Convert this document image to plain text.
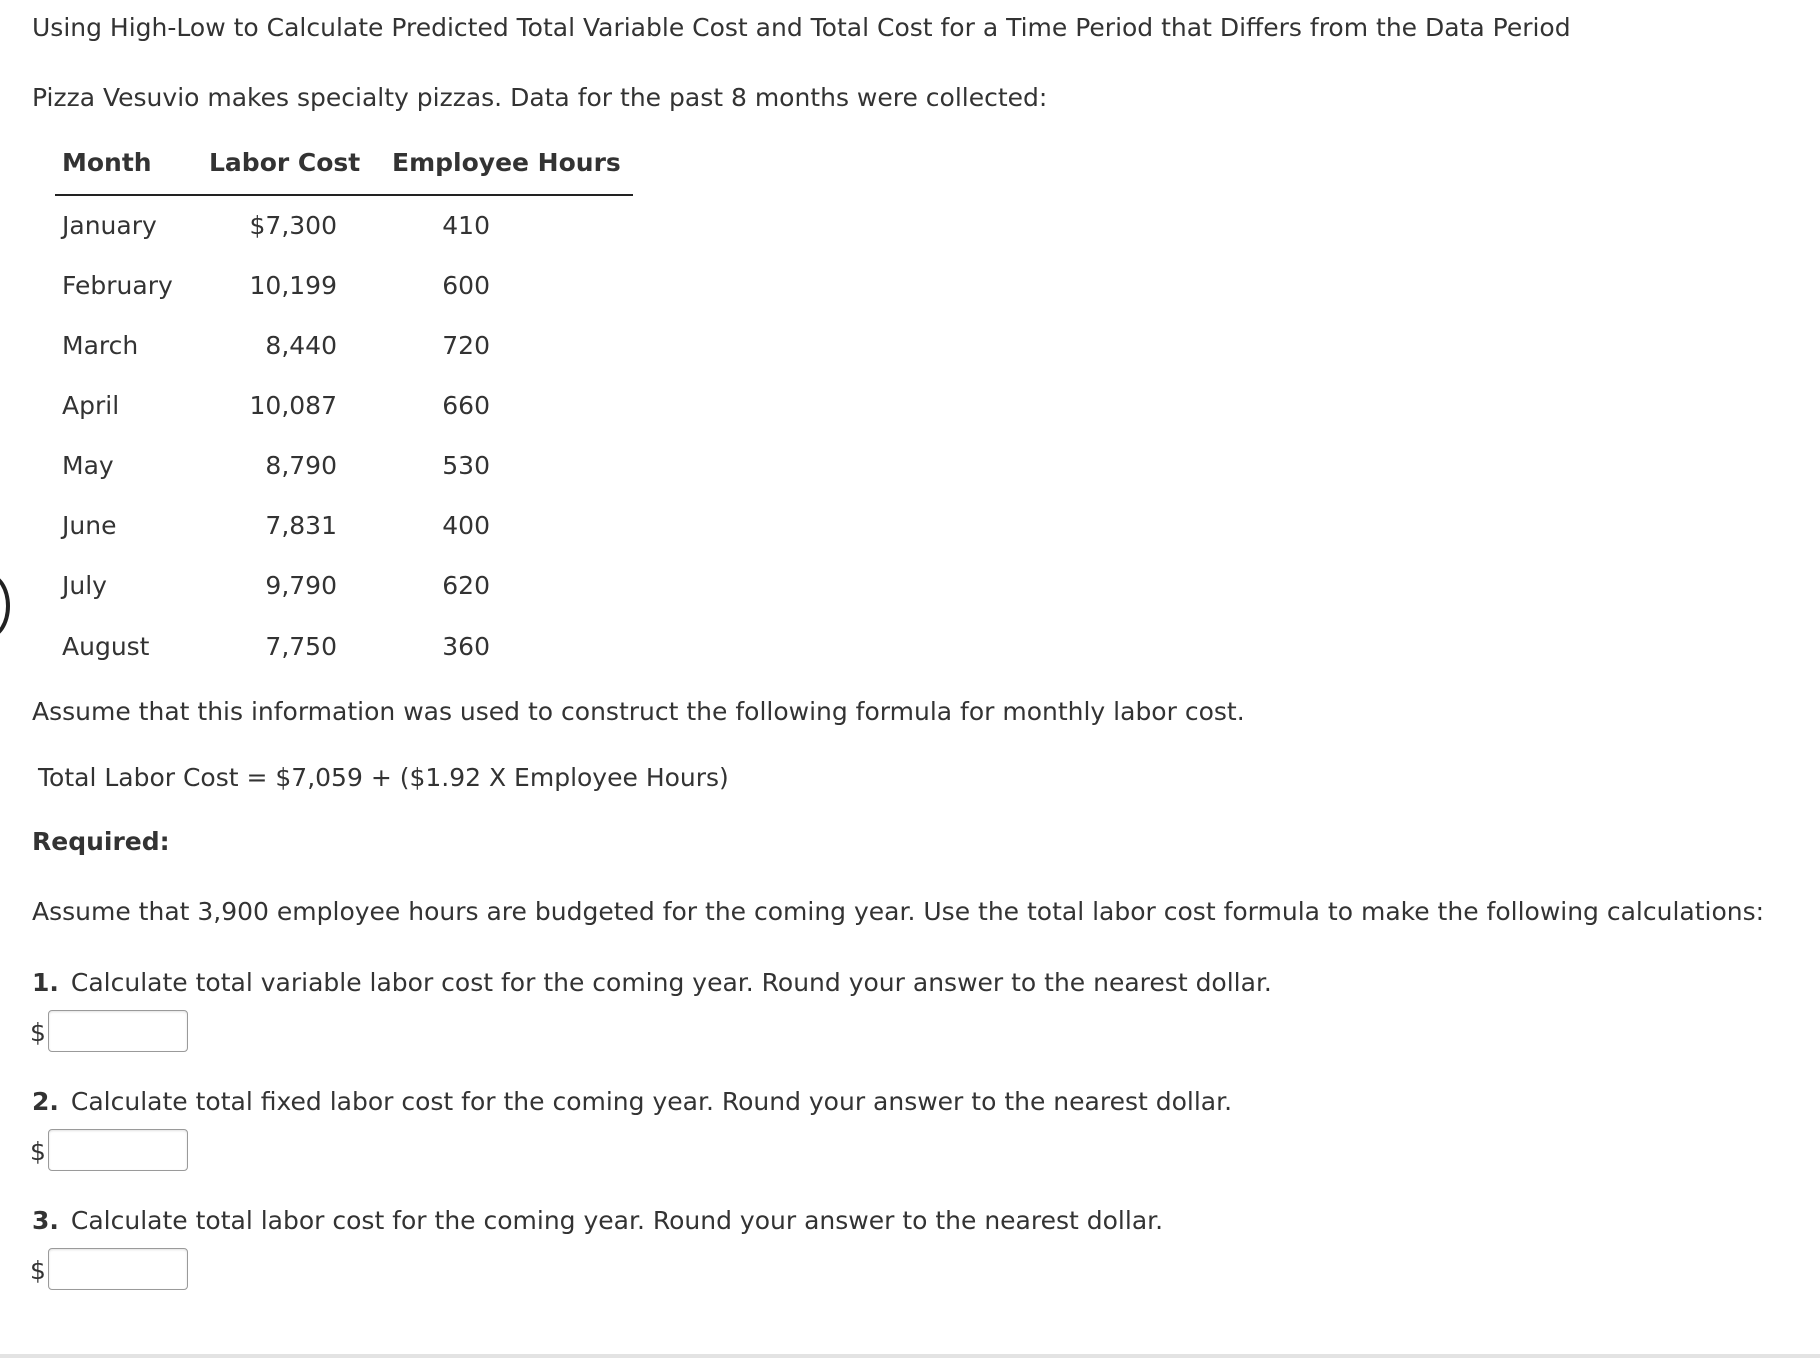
Using High-Low to Calculate Predicted Total Variable Cost and Total Cost for a Time Period that Differs from the Data Period
Pizza Vesuvio makes specialty pizzas. Data for the past 8 months were collected:
Month Labor Cost Employee Hours
January	$7,300	410
February	10,199	600
March	8,440	720
April	10,087	660
May	8,790	530
June	7,831	400
July	9,790	620
August	7,750	360
Assume that this information was used to construct the following formula for monthly labor cost.
Total Labor Cost = $7,059 + ($1.92 X Employee Hours)
Required:
Assume that 3,900 employee hours are budgeted for the coming year. Use the total labor cost formula to make the following calculations:
1. Calculate total variable labor cost for the coming year. Round your answer to the nearest dollar.
$
2. Calculate total fixed labor cost for the coming year. Round your answer to the nearest dollar.
$
3. Calculate total labor cost for the coming year. Round your answer to the nearest dollar.
$
